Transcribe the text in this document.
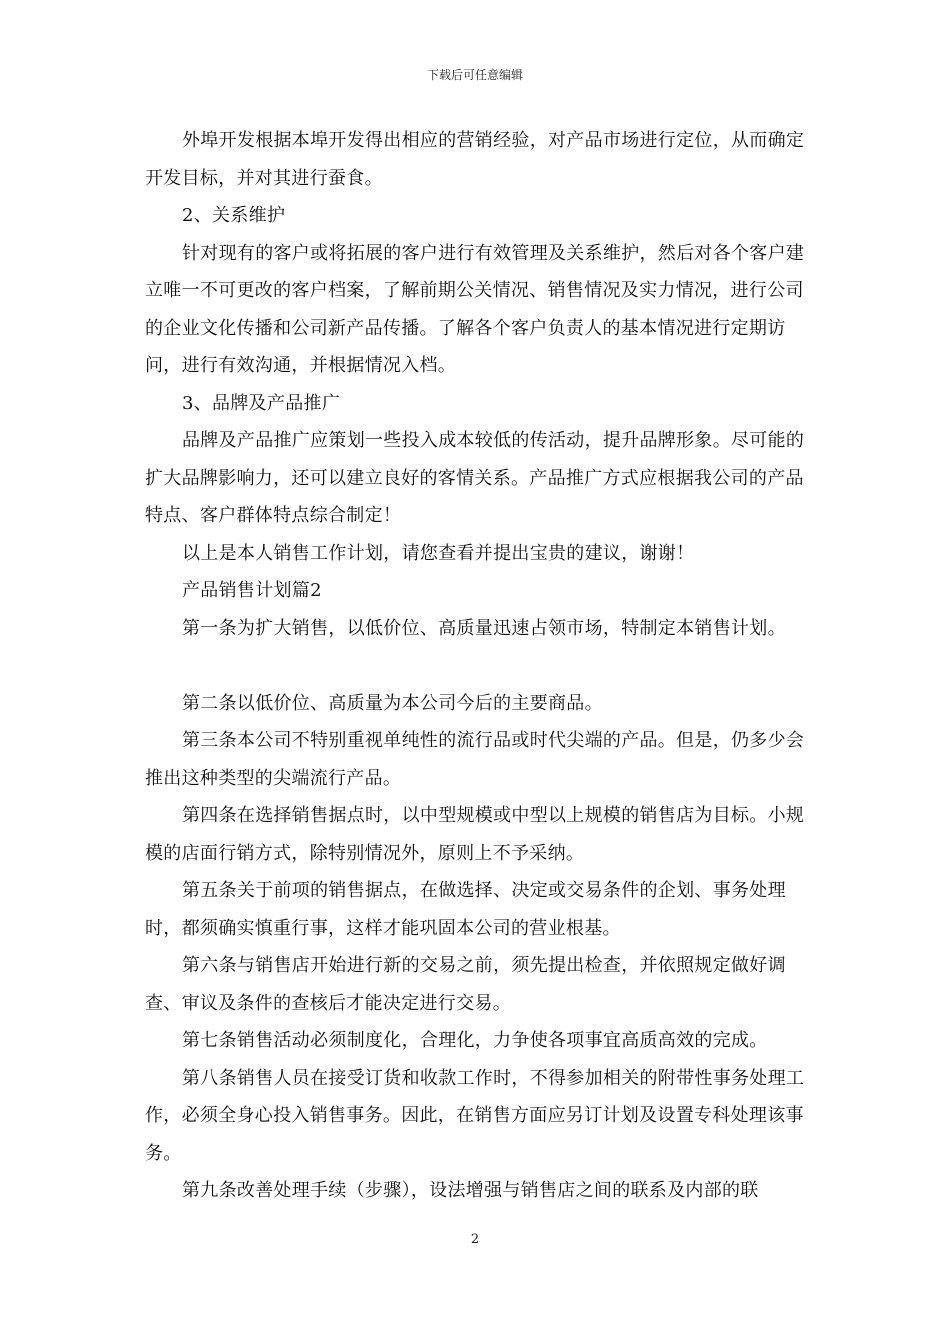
下载后可任意编辑

外埠开发根据本埠开发得出相应的营销经验，对产品市场进行定位，从而确定开发目标，并对其进行蚕食。

2、关系维护

针对现有的客户或将拓展的客户进行有效管理及关系维护，然后对各个客户建立唯一不可更改的客户档案，了解前期公关情况、销售情况及实力情况，进行公司的企业文化传播和公司新产品传播。了解各个客户负责人的基本情况进行定期访问，进行有效沟通，并根据情况入档。

3、品牌及产品推广

品牌及产品推广应策划一些投入成本较低的传活动，提升品牌形象。尽可能的扩大品牌影响力，还可以建立良好的客情关系。产品推广方式应根据我公司的产品特点、客户群体特点综合制定！

以上是本人销售工作计划，请您查看并提出宝贵的建议，谢谢！

产品销售计划篇2

第一条为扩大销售，以低价位、高质量迅速占领市场，特制定本销售计划。

第二条以低价位、高质量为本公司今后的主要商品。

第三条本公司不特别重视单纯性的流行品或时代尖端的产品。但是，仍多少会推出这种类型的尖端流行产品。

第四条在选择销售据点时，以中型规模或中型以上规模的销售店为目标。小规模的店面行销方式，除特别情况外，原则上不予采纳。

第五条关于前项的销售据点，在做选择、决定或交易条件的企划、事务处理时，都须确实慎重行事，这样才能巩固本公司的营业根基。

第六条与销售店开始进行新的交易之前，须先提出检查，并依照规定做好调查、审议及条件的查核后才能决定进行交易。

第七条销售活动必须制度化，合理化，力争使各项事宜高质高效的完成。

第八条销售人员在接受订货和收款工作时，不得参加相关的附带性事务处理工作，必须全身心投入销售事务。因此，在销售方面应另订计划及设置专科处理该事务。

第九条改善处理手续（步骤），设法增强与销售店之间的联系及内部的联

2
